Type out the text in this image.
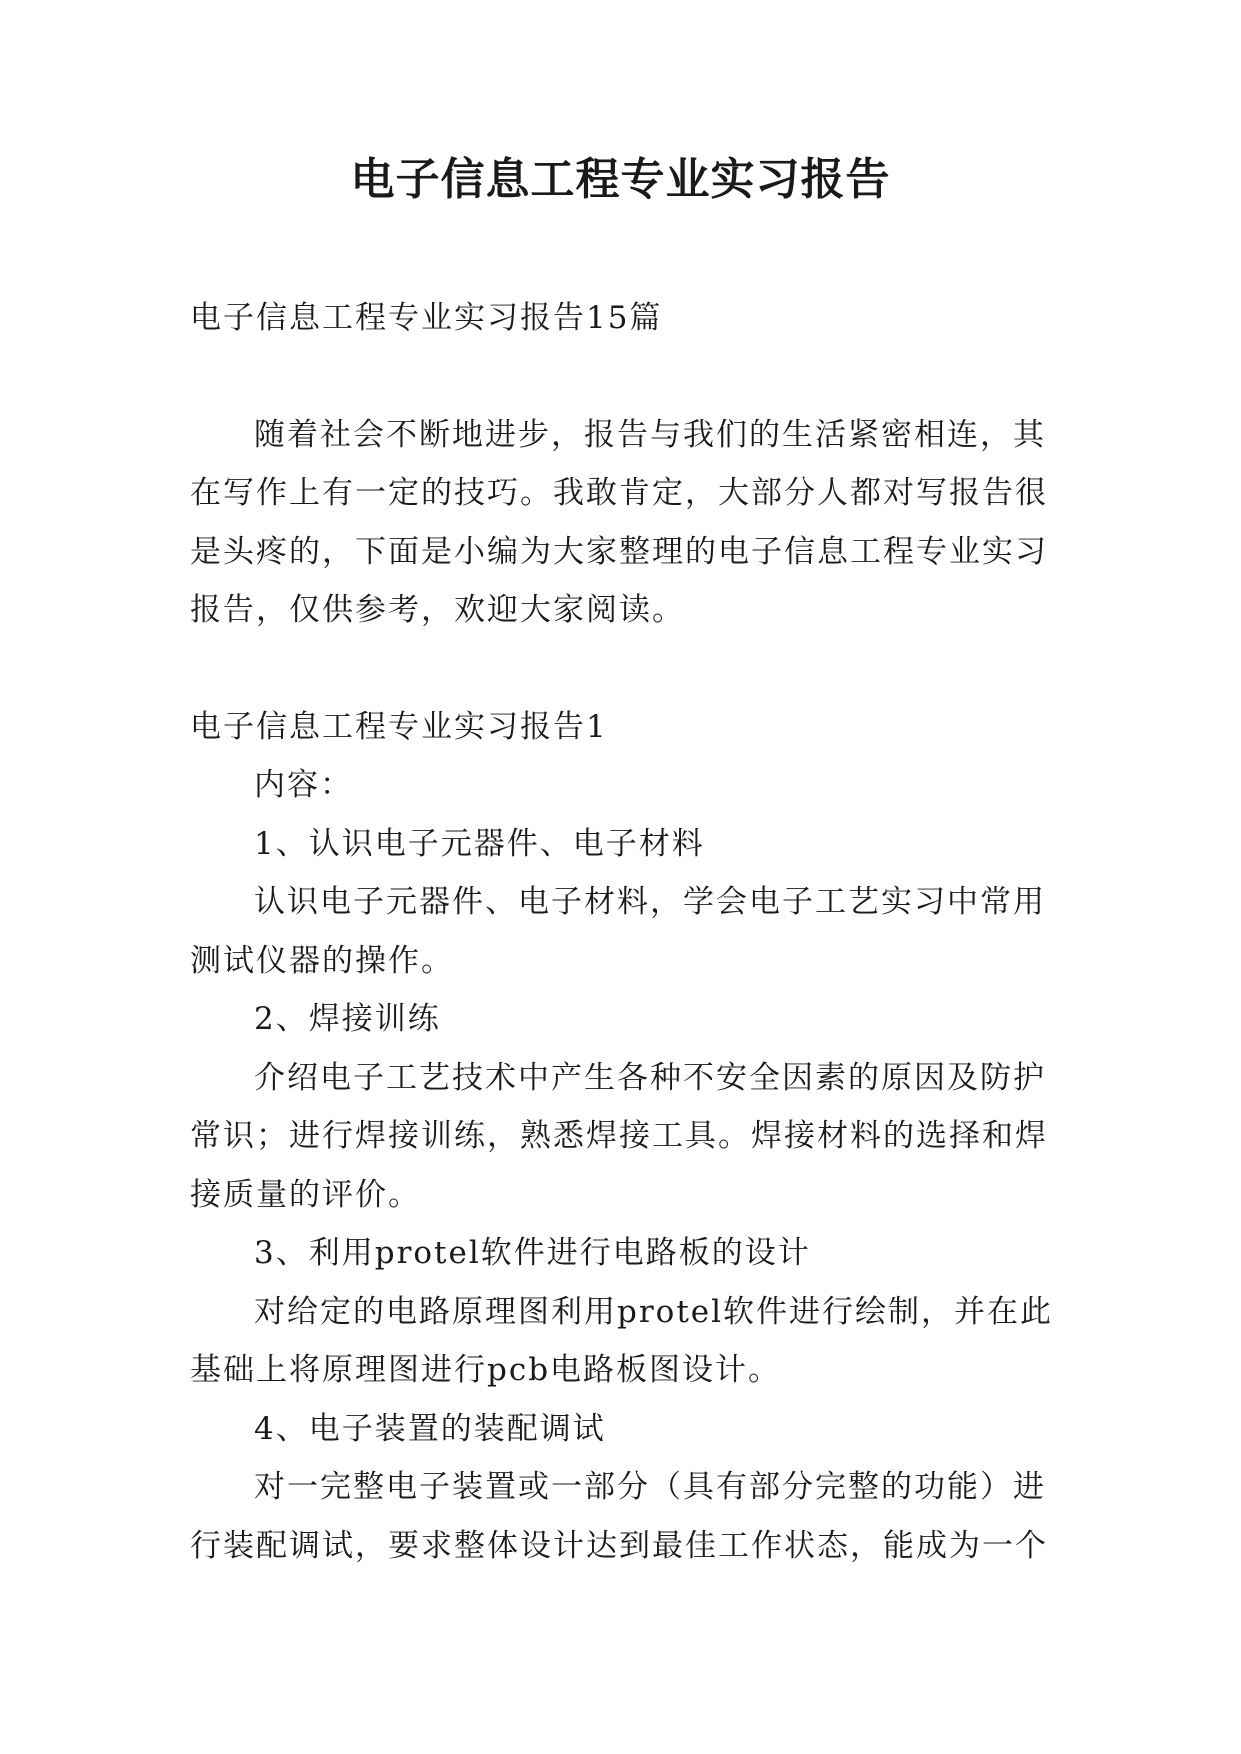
电子信息工程专业实习报告

电子信息工程专业实习报告15篇

随着社会不断地进步，报告与我们的生活紧密相连，其在写作上有一定的技巧。我敢肯定，大部分人都对写报告很是头疼的，下面是小编为大家整理的电子信息工程专业实习报告，仅供参考，欢迎大家阅读。

电子信息工程专业实习报告1

内容：

1、认识电子元器件、电子材料

认识电子元器件、电子材料，学会电子工艺实习中常用测试仪器的操作。

2、焊接训练

介绍电子工艺技术中产生各种不安全因素的原因及防护常识；进行焊接训练，熟悉焊接工具。焊接材料的选择和焊接质量的评价。

3、利用protel软件进行电路板的设计

对给定的电路原理图利用protel软件进行绘制，并在此基础上将原理图进行pcb电路板图设计。

4、电子装置的装配调试

对一完整电子装置或一部分（具有部分完整的功能）进行装配调试，要求整体设计达到最佳工作状态，能成为一个
